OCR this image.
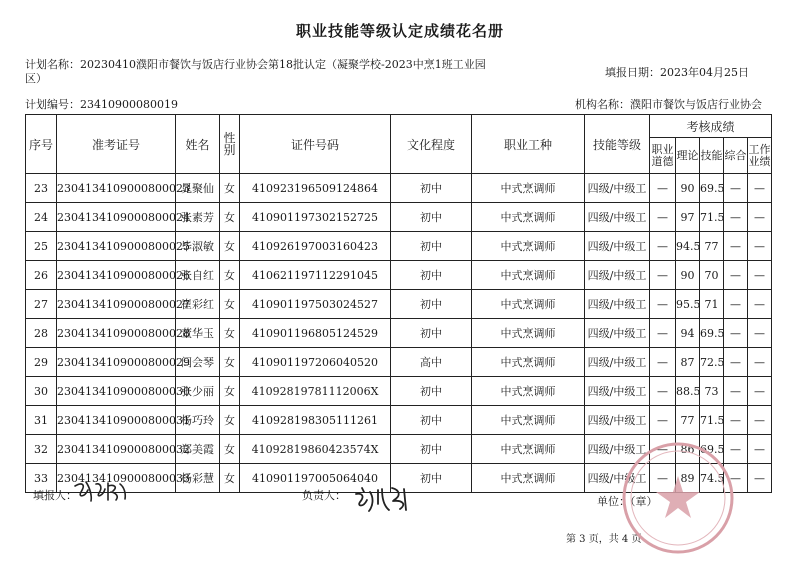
职业技能等级认定成绩花名册
计划名称：20230410濮阳市餐饮与饭店行业协会第18批认定（凝聚学校-2023中烹1班工业园区）	填报日期：2023年04月25日
计划编号：23410900080019	机构名称：濮阳市餐饮与饭店行业协会
序号	准考证号	姓名	性别	证件号码	文化程度	职业工种	技能等级	考核成绩				
								职业道德	理论	技能	综合	工作业绩
23	2304134109000800023	晁聚仙	女	410923196509124864	初中	中式烹调师	四级/中级工	—	90	69.5	—	—
24	2304134109000800024	张素芳	女	410901197302152725	初中	中式烹调师	四级/中级工	—	97	71.5	—	—
25	2304134109000800025	毕淑敏	女	410926197003160423	初中	中式烹调师	四级/中级工	—	94.5	77	—	—
26	2304134109000800026	张自红	女	410621197112291045	初中	中式烹调师	四级/中级工	—	90	70	—	—
27	2304134109000800027	崔彩红	女	410901197503024527	初中	中式烹调师	四级/中级工	—	95.5	71	—	—
28	2304134109000800028	董华玉	女	410901196805124529	初中	中式烹调师	四级/中级工	—	94	69.5	—	—
29	2304134109000800029	闫会琴	女	410901197206040520	高中	中式烹调师	四级/中级工	—	87	72.5	—	—
30	2304134109000800030	张少丽	女	41092819781112006X	初中	中式烹调师	四级/中级工	—	88.5	73	—	—
31	2304134109000800031	杨巧玲	女	410928198305111261	初中	中式烹调师	四级/中级工	—	77	71.5	—	—
32	2304134109000800032	郑美霞	女	41092819860423574X	初中	中式烹调师	四级/中级工	—	86	69.5	—	—
33	2304134109000800033	杨彩慧	女	410901197005064040	初中	中式烹调师	四级/中级工	—	89	74.5	—	—
填报人：	负责人：	单位：（章）
第 3 页，共 4 页
